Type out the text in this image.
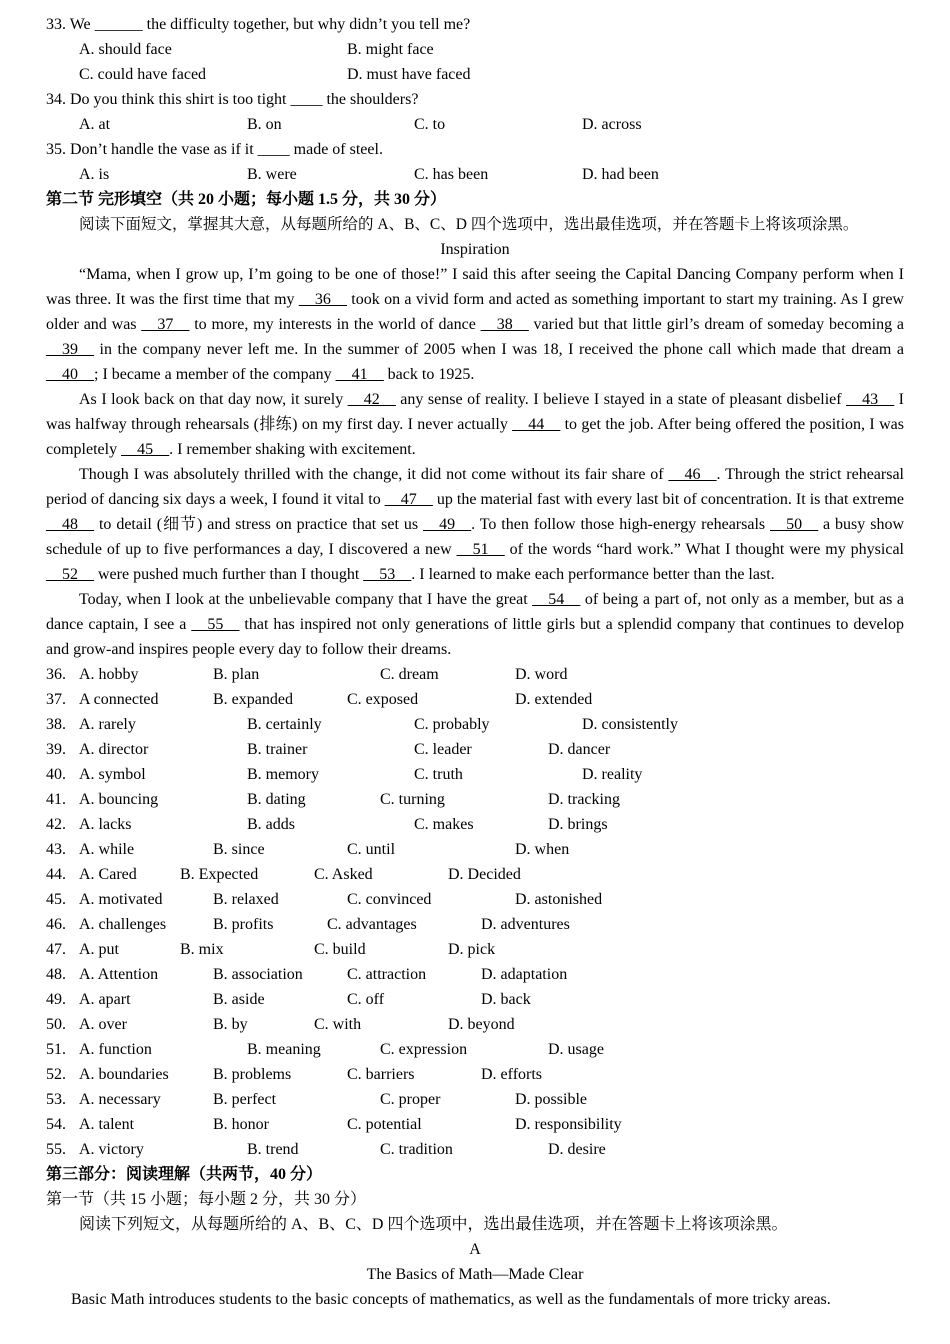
33. We ______ the difficulty together, but why didn’t you tell me?
A. should face	B. might face
C. could have faced	D. must have faced
34. Do you think this shirt is too tight ____ the shoulders?
A. at	B. on	C. to	D. across
35. Don’t handle the vase as if it ____ made of steel.
A. is	B. were	C. has been	D. had been
第二节 完形填空（共 20 小题；每小题 1.5 分，共 30 分）
阅读下面短文，掌握其大意，从每题所给的 A、B、C、D 四个选项中，选出最佳选项，并在答题卡上将该项涂黑。
Inspiration
“Mama, when I grow up, I’m going to be one of those!” I said this after seeing the Capital Dancing Company perform when I was three. It was the first time that my __36__ took on a vivid form and acted as something important to start my training. As I grew older and was __37__ to more, my interests in the world of dance __38__ varied but that little girl’s dream of someday becoming a __39__ in the company never left me. In the summer of 2005 when I was 18, I received the phone call which made that dream a __40__; I became a member of the company __41__ back to 1925.
As I look back on that day now, it surely __42__ any sense of reality. I believe I stayed in a state of pleasant disbelief __43__ I was halfway through rehearsals (排练) on my first day. I never actually __44__ to get the job. After being offered the position, I was completely __45__. I remember shaking with excitement.
Though I was absolutely thrilled with the change, it did not come without its fair share of __46__. Through the strict rehearsal period of dancing six days a week, I found it vital to __47__ up the material fast with every last bit of concentration. It is that extreme __48__ to detail (细节) and stress on practice that set us __49__. To then follow those high-energy rehearsals __50__ a busy show schedule of up to five performances a day, I discovered a new __51__ of the words “hard work.” What I thought were my physical __52__ were pushed much further than I thought __53__. I learned to make each performance better than the last.
Today, when I look at the unbelievable company that I have the great __54__ of being a part of, not only as a member, but as a dance captain, I see a __55__ that has inspired not only generations of little girls but a splendid company that continues to develop and grow-and inspires people every day to follow their dreams.
36. A. hobby	B. plan	C. dream	D. word
37. A connected	B. expanded	C. exposed	D. extended
38. A. rarely	B. certainly	C. probably	D. consistently
39. A. director	B. trainer	C. leader	D. dancer
40. A. symbol	B. memory	C. truth	D. reality
41. A. bouncing	B. dating	C. turning	D. tracking
42. A. lacks	B. adds	C. makes	D. brings
43. A. while	B. since	C. until	D. when
44. A. Cared	B. Expected	C. Asked	D. Decided
45. A. motivated	B. relaxed	C. convinced	D. astonished
46. A. challenges	B. profits	C. advantages	D. adventures
47. A. put	B. mix	C. build	D. pick
48. A. Attention	B. association	C. attraction	D. adaptation
49. A. apart	B. aside	C. off	D. back
50. A. over	B. by	C. with	D. beyond
51. A. function	B. meaning	C. expression	D. usage
52. A. boundaries	B. problems	C. barriers	D. efforts
53. A. necessary	B. perfect	C. proper	D. possible
54. A. talent	B. honor	C. potential	D. responsibility
55. A. victory	B. trend	C. tradition	D. desire
第三部分：阅读理解（共两节，40 分）
第一节（共 15 小题；每小题 2 分，共 30 分）
阅读下列短文，从每题所给的 A、B、C、D 四个选项中，选出最佳选项，并在答题卡上将该项涂黑。
A
The Basics of Math—Made Clear
Basic Math introduces students to the basic concepts of mathematics, as well as the fundamentals of more tricky areas.
